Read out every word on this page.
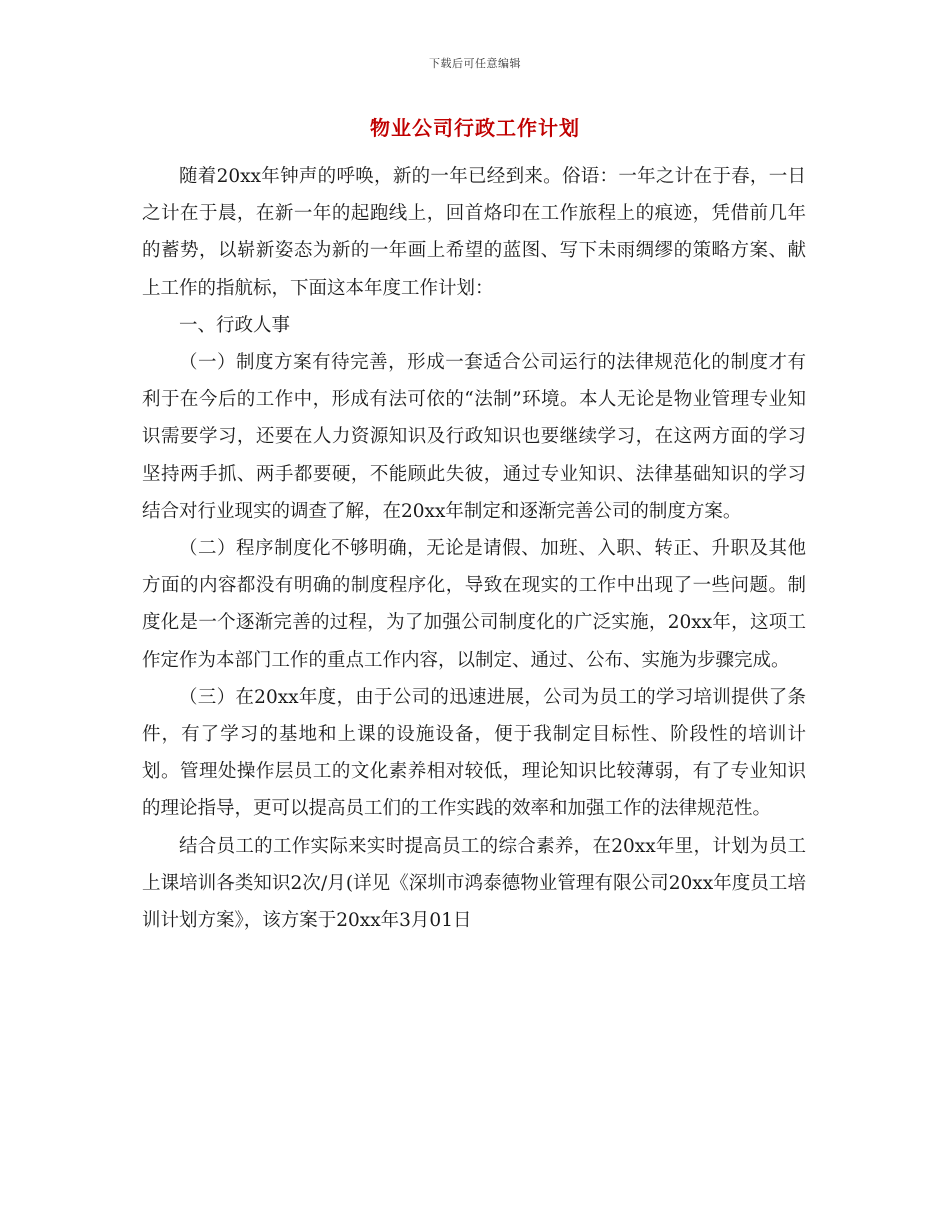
下载后可任意编辑
物业公司行政工作计划

随着20xx年钟声的呼唤，新的一年已经到来。俗语：一年之计在于春，一日之计在于晨，在新一年的起跑线上，回首烙印在工作旅程上的痕迹，凭借前几年的蓄势，以崭新姿态为新的一年画上希望的蓝图、写下未雨绸缪的策略方案、献上工作的指航标，下面这本年度工作计划：

一、行政人事

（一）制度方案有待完善，形成一套适合公司运行的法律规范化的制度才有利于在今后的工作中，形成有法可依的“法制”环境。本人无论是物业管理专业知识需要学习，还要在人力资源知识及行政知识也要继续学习，在这两方面的学习坚持两手抓、两手都要硬，不能顾此失彼，通过专业知识、法律基础知识的学习结合对行业现实的调查了解，在20xx年制定和逐渐完善公司的制度方案。

（二）程序制度化不够明确，无论是请假、加班、入职、转正、升职及其他方面的内容都没有明确的制度程序化，导致在现实的工作中出现了一些问题。制度化是一个逐渐完善的过程，为了加强公司制度化的广泛实施，20xx年，这项工作定作为本部门工作的重点工作内容，以制定、通过、公布、实施为步骤完成。

（三）在20xx年度，由于公司的迅速进展，公司为员工的学习培训提供了条件，有了学习的基地和上课的设施设备，便于我制定目标性、阶段性的培训计划。管理处操作层员工的文化素养相对较低，理论知识比较薄弱，有了专业知识的理论指导，更可以提高员工们的工作实践的效率和加强工作的法律规范性。

结合员工的工作实际来实时提高员工的综合素养，在20xx年里，计划为员工上课培训各类知识2次/月(详见《深圳市鸿泰德物业管理有限公司20xx年度员工培训计划方案》，该方案于20xx年3月01日
